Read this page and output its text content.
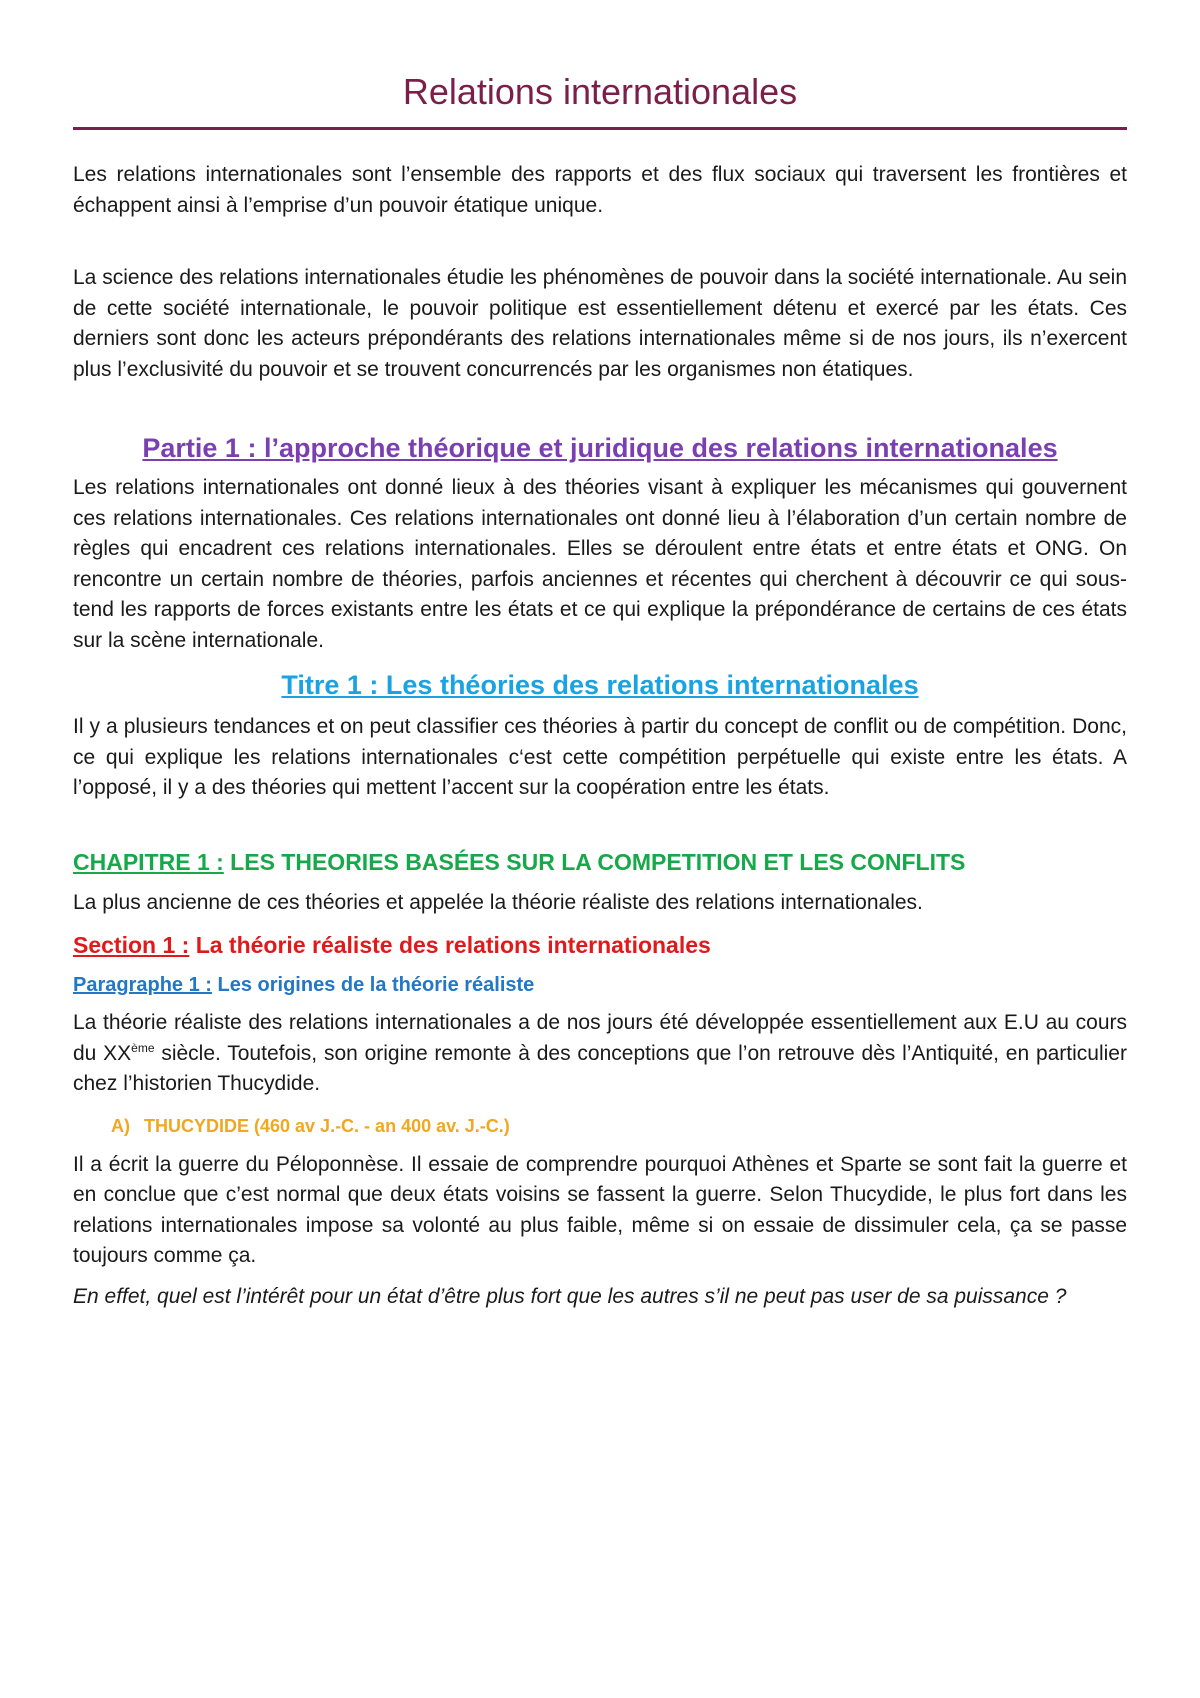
Relations internationales

Les relations internationales sont l’ensemble des rapports et des flux sociaux qui traversent les frontières et échappent ainsi à l’emprise d’un pouvoir étatique unique.

La science des relations internationales étudie les phénomènes de pouvoir dans la société internationale. Au sein de cette société internationale, le pouvoir politique est essentiellement détenu et exercé par les états. Ces derniers sont donc les acteurs prépondérants des relations internationales même si de nos jours, ils n’exercent plus l’exclusivité du pouvoir et se trouvent concurrencés par les organismes non étatiques.

Partie 1 : l’approche théorique et juridique des relations internationales

Les relations internationales ont donné lieux à des théories visant à expliquer les mécanismes qui gouvernent ces relations internationales. Ces relations internationales ont donné lieu à l’élaboration d’un certain nombre de règles qui encadrent ces relations internationales. Elles se déroulent entre états et entre états et ONG. On rencontre un certain nombre de théories, parfois anciennes et récentes qui cherchent à découvrir ce qui sous-tend les rapports de forces existants entre les états et ce qui explique la prépondérance de certains de ces états sur la scène internationale.

Titre 1 : Les théories des relations internationales

Il y a plusieurs tendances et on peut classifier ces théories à partir du concept de conflit ou de compétition. Donc, ce qui explique les relations internationales c‘est cette compétition perpétuelle qui existe entre les états. A l’opposé, il y a des théories qui mettent l’accent sur la coopération entre les états.

CHAPITRE 1 : LES THEORIES BASÉES SUR LA COMPETITION ET LES CONFLITS

La plus ancienne de ces théories et appelée la théorie réaliste des relations internationales.

Section 1 : La théorie réaliste des relations internationales
Paragraphe 1 : Les origines de la théorie réaliste

La théorie réaliste des relations internationales a de nos jours été développée essentiellement aux E.U au cours du XXème siècle. Toutefois, son origine remonte à des conceptions que l’on retrouve dès l’Antiquité, en particulier chez l’historien Thucydide.

A) THUCYDIDE (460 av J.-C. - an 400 av. J.-C.)

Il a écrit la guerre du Péloponnèse. Il essaie de comprendre pourquoi Athènes et Sparte se sont fait la guerre et en conclue que c’est normal que deux états voisins se fassent la guerre. Selon Thucydide, le plus fort dans les relations internationales impose sa volonté au plus faible, même si on essaie de dissimuler cela, ça se passe toujours comme ça.

En effet, quel est l’intérêt pour un état d’être plus fort que les autres s’il ne peut pas user de sa puissance ?
